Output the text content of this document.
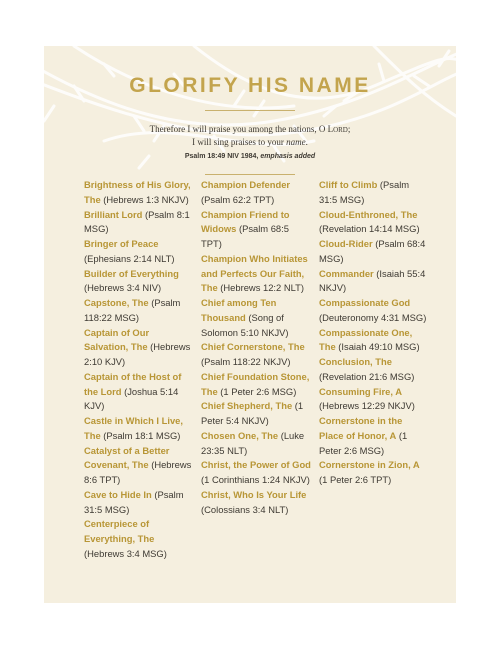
GLORIFY HIS NAME
Therefore I will praise you among the nations, O LORD;
I will sing praises to your name.
Psalm 18:49 NIV 1984, emphasis added
Brightness of His Glory, The (Hebrews 1:3 NKJV)
Brilliant Lord (Psalm 8:1 MSG)
Bringer of Peace (Ephesians 2:14 NLT)
Builder of Everything (Hebrews 3:4 NIV)
Capstone, The (Psalm 118:22 MSG)
Captain of Our Salvation, The (Hebrews 2:10 KJV)
Captain of the Host of the Lord (Joshua 5:14 KJV)
Castle in Which I Live, The (Psalm 18:1 MSG)
Catalyst of a Better Covenant, The (Hebrews 8:6 TPT)
Cave to Hide In (Psalm 31:5 MSG)
Centerpiece of Everything, The (Hebrews 3:4 MSG)
Champion Defender (Psalm 62:2 TPT)
Champion Friend to Widows (Psalm 68:5 TPT)
Champion Who Initiates and Perfects Our Faith, The (Hebrews 12:2 NLT)
Chief among Ten Thousand (Song of Solomon 5:10 NKJV)
Chief Cornerstone, The (Psalm 118:22 NKJV)
Chief Foundation Stone, The (1 Peter 2:6 MSG)
Chief Shepherd, The (1 Peter 5:4 NKJV)
Chosen One, The (Luke 23:35 NLT)
Christ, the Power of God (1 Corinthians 1:24 NKJV)
Christ, Who Is Your Life (Colossians 3:4 NLT)
Cliff to Climb (Psalm 31:5 MSG)
Cloud-Enthroned, The (Revelation 14:14 MSG)
Cloud-Rider (Psalm 68:4 MSG)
Commander (Isaiah 55:4 NKJV)
Compassionate God (Deuteronomy 4:31 MSG)
Compassionate One, The (Isaiah 49:10 MSG)
Conclusion, The (Revelation 21:6 MSG)
Consuming Fire, A (Hebrews 12:29 NKJV)
Cornerstone in the Place of Honor, A (1 Peter 2:6 MSG)
Cornerstone in Zion, A (1 Peter 2:6 TPT)
